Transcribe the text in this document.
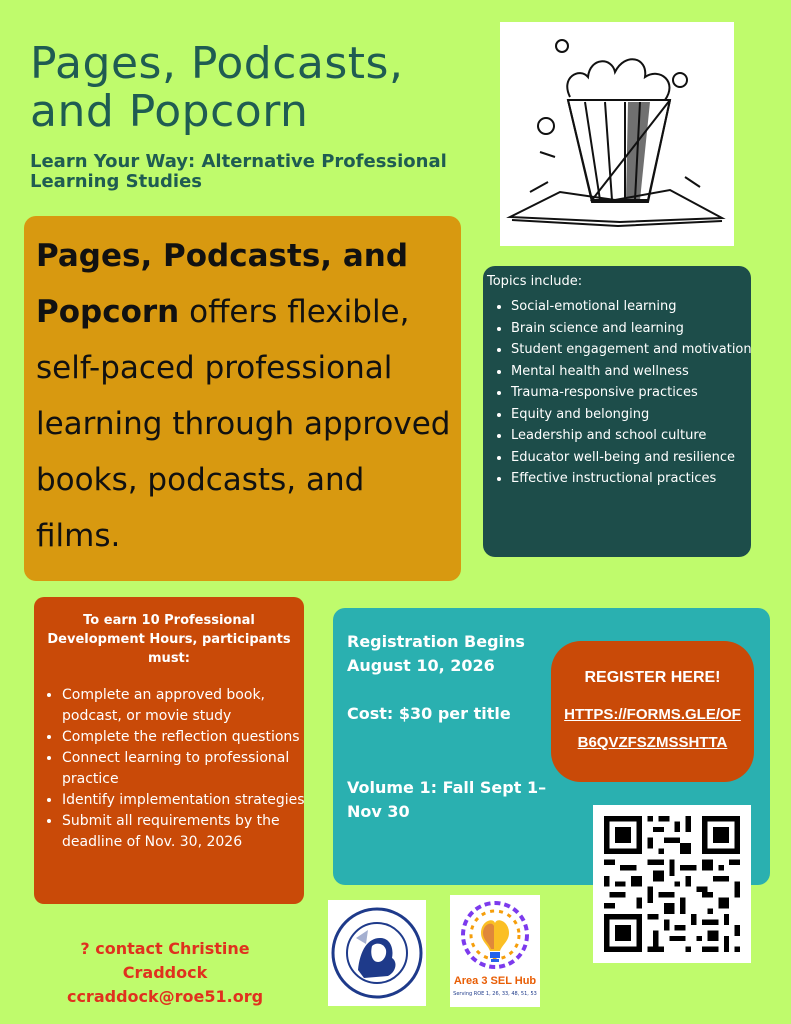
Pages, Podcasts, and Popcorn
Learn Your Way: Alternative Professional Learning Studies
Pages, Podcasts, and Popcorn offers flexible, self-paced professional learning through approved books, podcasts, and films.
Topics include:
• Social-emotional learning
• Brain science and learning
• Student engagement and motivation
• Mental health and wellness
• Trauma-responsive practices
• Equity and belonging
• Leadership and school culture
• Educator well-being and resilience
• Effective instructional practices
To earn 10 Professional Development Hours, participants must:
• Complete an approved book, podcast, or movie study
• Complete the reflection questions
• Connect learning to professional practice
• Identify implementation strategies
• Submit all requirements by the deadline of Nov. 30, 2026
Registration Begins August 10, 2026
Cost: $30 per title
Volume 1: Fall Sept 1– Nov 30
REGISTER HERE!
HTTPS://FORMS.GLE/OFB6QVZFSZMSSHTTA
? contact Christine Craddock
ccraddock@roe51.org
Area 3 SEL Hub
Serving ROE 1, 26, 33, 48, 51, 53
